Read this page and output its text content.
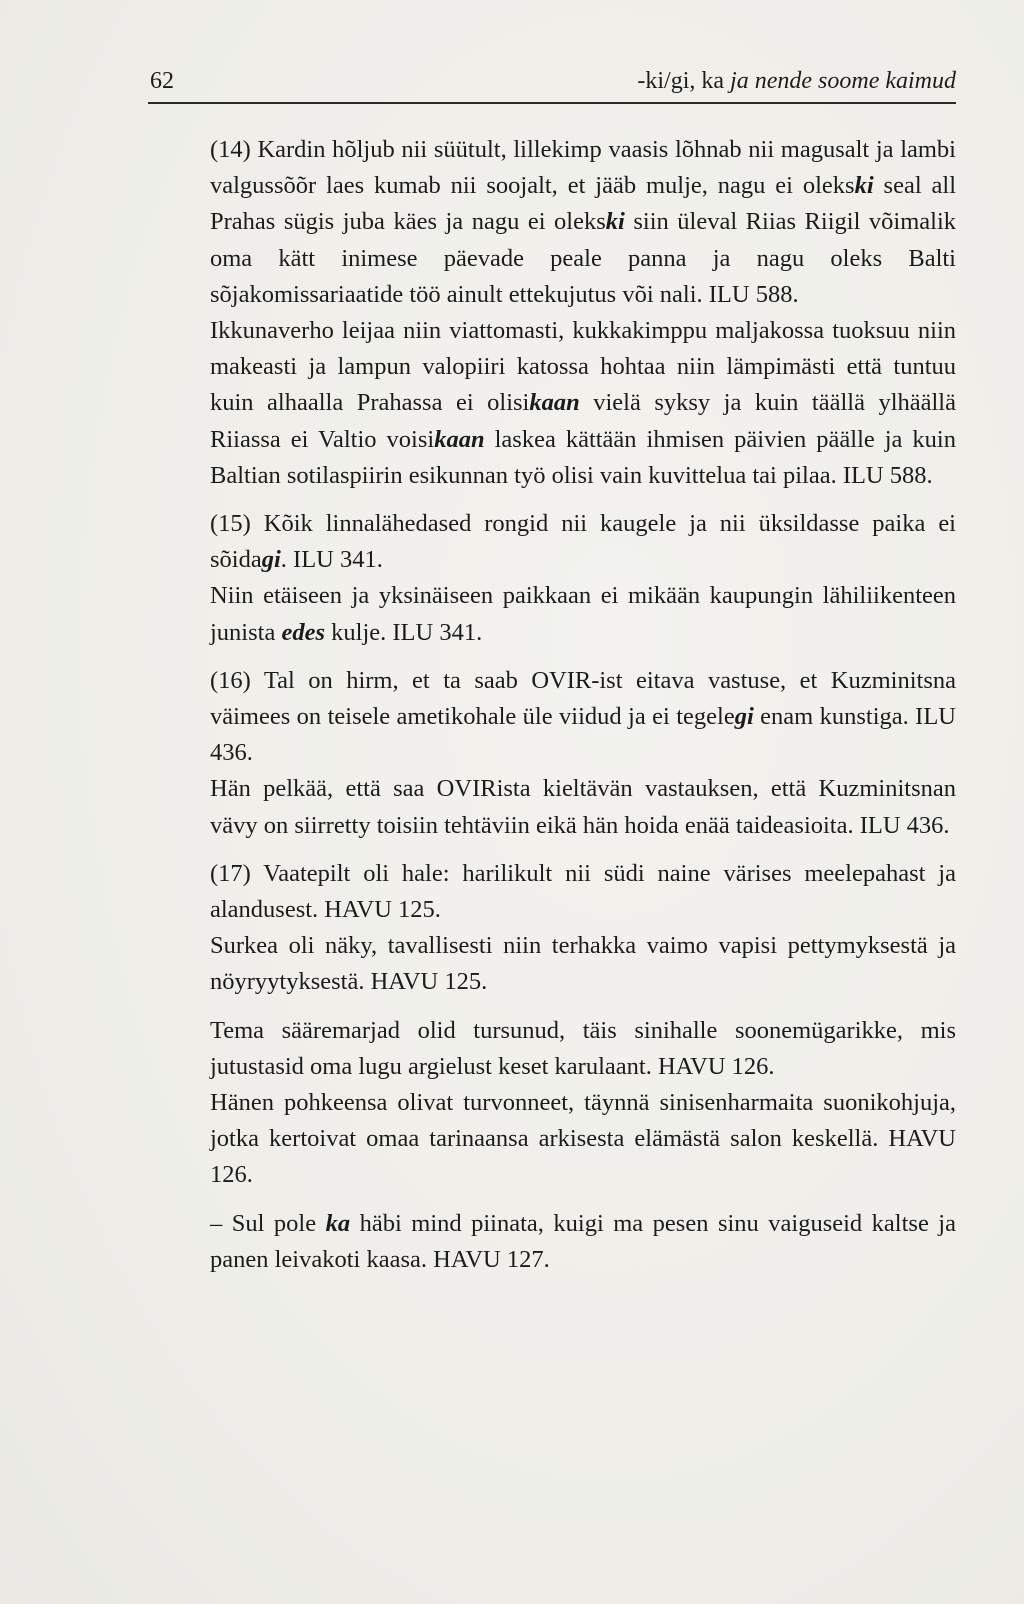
62	-ki/gi, ka ja nende soome kaimud
(14) Kardin hõljub nii süütult, lillekimp vaasis lõhnab nii magusalt ja lambi valgussõõr laes kumab nii soojalt, et jääb mulje, nagu ei olekski seal all Prahas sügis juba käes ja nagu ei olekski siin üleval Riias Riigil võimalik oma kätt inimese päevade peale panna ja nagu oleks Balti sõjakomissariaatide töö ainult ettekujutus või nali. ILU 588.
Ikkunaverho leijaa niin viattomasti, kukkakimppu maljakossa tuoksuu niin makeasti ja lampun valopiiri katossa hohtaa niin lämpimästi että tuntuu kuin alhaalla Prahassa ei olisikaan vielä syksy ja kuin täällä ylhäällä Riiassa ei Valtio voisikaan laskea kättään ihmisen päivien päälle ja kuin Baltian sotilaspiirin esikunnan työ olisi vain kuvittelua tai pilaa. ILU 588.
(15) Kõik linnalähedased rongid nii kaugele ja nii üksildasse paika ei sõidagi. ILU 341.
Niin etäiseen ja yksinäiseen paikkaan ei mikään kaupungin lähiliikenteen junista edes kulje. ILU 341.
(16) Tal on hirm, et ta saab OVIR-ist eitava vastuse, et Kuzminitsna väimees on teisele ametikohale üle viidud ja ei tegelegi enam kunstiga. ILU 436.
Hän pelkää, että saa OVIRista kieltävän vastauksen, että Kuzminitsnan vävy on siirretty toisiin tehtäviin eikä hän hoida enää taideasioita. ILU 436.
(17) Vaatepilt oli hale: harilikult nii südi naine värises meelepahast ja alandusest. HAVU 125.
Surkea oli näky, tavallisesti niin terhakka vaimo vapisi pettymyksestä ja nöyryytyksestä. HAVU 125.
Tema sääremarjad olid tursunud, täis sinihalle soonemügarikke, mis jutustasid oma lugu argielust keset karulaant. HAVU 126.
Hänen pohkeensa olivat turvonneet, täynnä sinisenharmaita suonikohjuja, jotka kertoivat omaa tarinaansa arkisesta elämästä salon keskellä. HAVU 126.
– Sul pole ka häbi mind piinata, kuigi ma pesen sinu vaiguseid kaltse ja panen leivakoti kaasa. HAVU 127.
